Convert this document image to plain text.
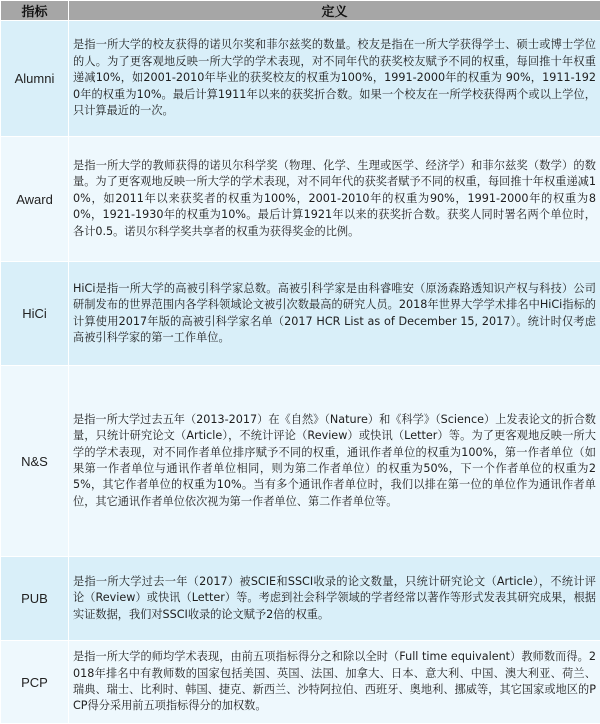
指标	定义
Alumni	是指一所大学的校友获得的诺贝尔奖和菲尔兹奖的数量。校友是指在一所大学获得学士、硕士或博士学位的人。为了更客观地反映一所大学的学术表现，对不同年代的获奖校友赋予不同的权重，每回推十年权重递减10%，如2001-2010年毕业的获奖校友的权重为100%，1991-2000年的权重为 90%，1911-1920年的权重为10%。最后计算1911年以来的获奖折合数。如果一个校友在一所学校获得两个或以上学位，只计算最近的一次。
Award	是指一所大学的教师获得的诺贝尔科学奖（物理、化学、生理或医学、经济学）和菲尔兹奖（数学）的数量。为了更客观地反映一所大学的学术表现，对不同年代的获奖者赋予不同的权重，每回推十年权重递减10%，如2011年以来获奖者的权重为100%，2001-2010年的权重为90%，1991-2000年的权重为80%，1921-1930年的权重为10%。最后计算1921年以来的获奖折合数。获奖人同时署名两个单位时，各计0.5。诺贝尔科学奖共享者的权重为获得奖金的比例。
HiCi	HiCi是指一所大学的高被引科学家总数。高被引科学家是由科睿唯安（原汤森路透知识产权与科技）公司研制发布的世界范围内各学科领域论文被引次数最高的研究人员。2018年世界大学学术排名中HiCi指标的计算使用2017年版的高被引科学家名单（2017 HCR List as of December 15, 2017）。统计时仅考虑高被引科学家的第一工作单位。
N&S	是指一所大学过去五年（2013-2017）在《自然》（Nature）和《科学》（Science）上发表论文的折合数量，只统计研究论文（Article），不统计评论（Review）或快讯（Letter）等。为了更客观地反映一所大学的学术表现，对不同作者单位排序赋予不同的权重，通讯作者单位的权重为100%，第一作者单位（如果第一作者单位与通讯作者单位相同，则为第二作者单位）的权重为50%，下一个作者单位的权重为25%，其它作者单位的权重为10%。当有多个通讯作者单位时，我们以排在第一位的单位作为通讯作者单位，其它通讯作者单位依次视为第一作者单位、第二作者单位等。
PUB	是指一所大学过去一年（2017）被SCIE和SSCI收录的论文数量，只统计研究论文（Article），不统计评论（Review）或快讯（Letter）等。考虑到社会科学领域的学者经常以著作等形式发表其研究成果，根据实证数据，我们对SSCI收录的论文赋予2倍的权重。
PCP	是指一所大学的师均学术表现，由前五项指标得分之和除以全时（Full time equivalent）教师数而得。2018年排名中有教师数的国家包括美国、英国、法国、加拿大、日本、意大利、中国、澳大利亚、荷兰、瑞典、瑞士、比利时、韩国、捷克、新西兰、沙特阿拉伯、西班牙、奥地利、挪威等，其它国家或地区的PCP得分采用前五项指标得分的加权数。
